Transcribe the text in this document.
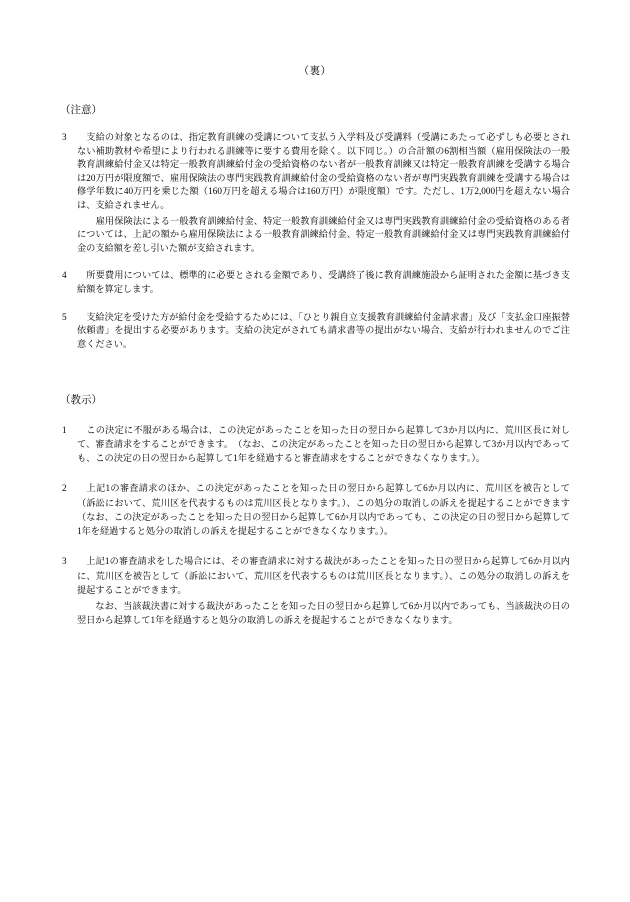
（裏）
（注意）
3	　支給の対象となるのは、指定教育訓練の受講について支払う入学料及び受講料（受講にあたって必ずしも必要とされない補助教材や希望により行われる訓練等に要する費用を除く。以下同じ。）の合計額の6割相当額（雇用保険法の一般教育訓練給付金又は特定一般教育訓練給付金の受給資格のない者が一般教育訓練又は特定一般教育訓練を受講する場合は20万円が限度額で、雇用保険法の専門実践教育訓練給付金の受給資格のない者が専門実践教育訓練を受講する場合は修学年数に40万円を乗じた額（160万円を超える場合は160万円）が限度額）です。ただし、1万2,000円を超えない場合は、支給されません。

　　雇用保険法による一般教育訓練給付金、特定一般教育訓練給付金又は専門実践教育訓練給付金の受給資格のある者については、上記の額から雇用保険法による一般教育訓練給付金、特定一般教育訓練給付金又は専門実践教育訓練給付金の支給額を差し引いた額が支給されます。

4	　所要費用については、標準的に必要とされる金額であり、受講終了後に教育訓練施設から証明された金額に基づき支給額を算定します。

5	　支給決定を受けた方が給付金を受給するためには、「ひとり親自立支援教育訓練給付金請求書」及び「支払金口座振替依頼書」を提出する必要があります。支給の決定がされても請求書等の提出がない場合、支給が行われませんのでご注意ください。

（教示）
1	　この決定に不服がある場合は、この決定があったことを知った日の翌日から起算して3か月以内に、荒川区長に対して、審査請求をすることができます。　（なお、この決定があったことを知った日の翌日から起算して3か月以内であっても、この決定の日の翌日から起算して1年を経過すると審査請求をすることができなくなります。）。

2	　上記1の審査請求のほか、この決定があったことを知った日の翌日から起算して6か月以内に、荒川区を被告として（訴訟において、荒川区を代表するものは荒川区長となります。）、この処分の取消しの訴えを提起することができます（なお、この決定があったことを知った日の翌日から起算して6か月以内であっても、この決定の日の翌日から起算して1年を経過すると処分の取消しの訴えを提起することができなくなります。）。

3	　上記1の審査請求をした場合には、その審査請求に対する裁決があったことを知った日の翌日から起算して6か月以内に、荒川区を被告として（訴訟において、荒川区を代表するものは荒川区長となります。）、この処分の取消しの訴えを提起することができます。

　　なお、当該裁決書に対する裁決があったことを知った日の翌日から起算して6か月以内であっても、当該裁決の日の翌日から起算して1年を経過すると処分の取消しの訴えを提起することができなくなります。
